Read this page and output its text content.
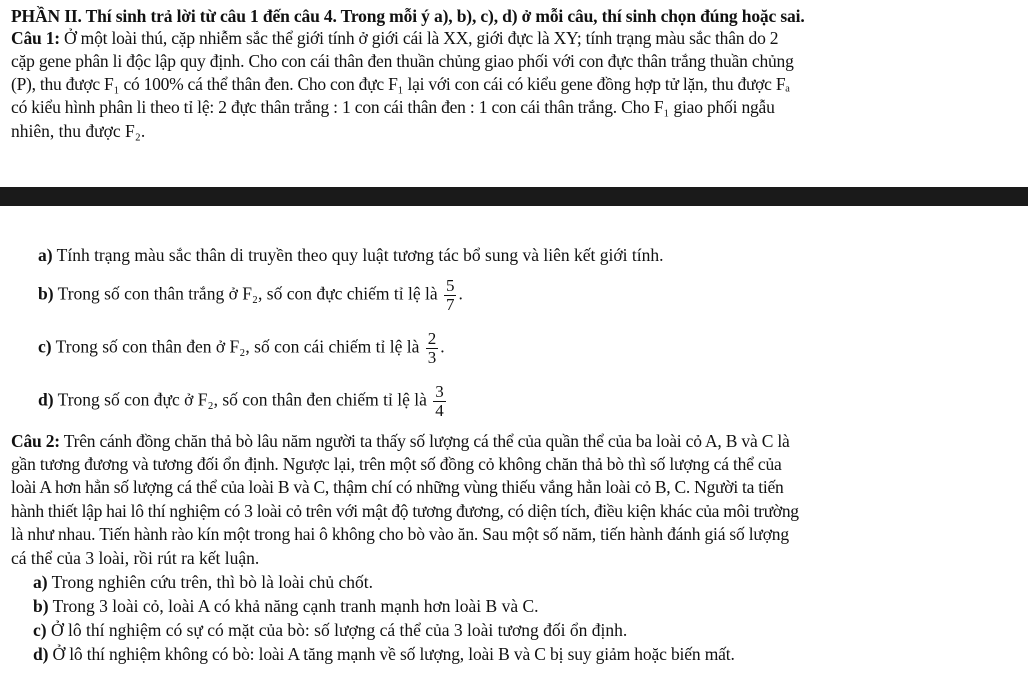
PHẦN II. Thí sinh trả lời từ câu 1 đến câu 4. Trong mỗi ý a), b), c), d) ở mỗi câu, thí sinh chọn đúng hoặc sai.
Câu 1: Ở một loài thú, cặp nhiễm sắc thể giới tính ở giới cái là XX, giới đực là XY; tính trạng màu sắc thân do 2
cặp gene phân li độc lập quy định. Cho con cái thân đen thuần chủng giao phối với con đực thân trắng thuần chủng
(P), thu được F₁ có 100% cá thể thân đen. Cho con đực F₁ lại với con cái có kiểu gene đồng hợp tử lặn, thu được Fₐ
có kiểu hình phân li theo tỉ lệ: 2 đực thân trắng : 1 con cái thân đen : 1 con cái thân trắng. Cho F₁ giao phối ngẫu
nhiên, thu được F₂.
a) Tính trạng màu sắc thân di truyền theo quy luật tương tác bổ sung và liên kết giới tính.
b) Trong số con thân trắng ở F₂, số con đực chiếm tỉ lệ là $\frac{5}{7}$ .
c) Trong số con thân đen ở F₂, số con cái chiếm tỉ lệ là $\frac{2}{3}$ .
d) Trong số con đực ở F₂, số con thân đen chiếm tỉ lệ là $\frac{3}{4}$
Câu 2: Trên cánh đồng chăn thả bò lâu năm người ta thấy số lượng cá thể của quần thể của ba loài cỏ A, B và C là
gần tương đương và tương đối ổn định. Ngược lại, trên một số đồng cỏ không chăn thả bò thì số lượng cá thể của
loài A hơn hẳn số lượng cá thể của loài B và C, thậm chí có những vùng thiếu vắng hẳn loài cỏ B, C. Người ta tiến
hành thiết lập hai lô thí nghiệm có 3 loài cỏ trên với mật độ tương đương, có diện tích, điều kiện khác của môi trường
là như nhau. Tiến hành rào kín một trong hai ô không cho bò vào ăn. Sau một số năm, tiến hành đánh giá số lượng
cá thể của 3 loài, rồi rút ra kết luận.
a) Trong nghiên cứu trên, thì bò là loài chủ chốt.
b) Trong 3 loài cỏ, loài A có khả năng cạnh tranh mạnh hơn loài B và C.
c) Ở lô thí nghiệm có sự có mặt của bò: số lượng cá thể của 3 loài tương đối ổn định.
d) Ở lô thí nghiệm không có bò: loài A tăng mạnh về số lượng, loài B và C bị suy giảm hoặc biến mất.
